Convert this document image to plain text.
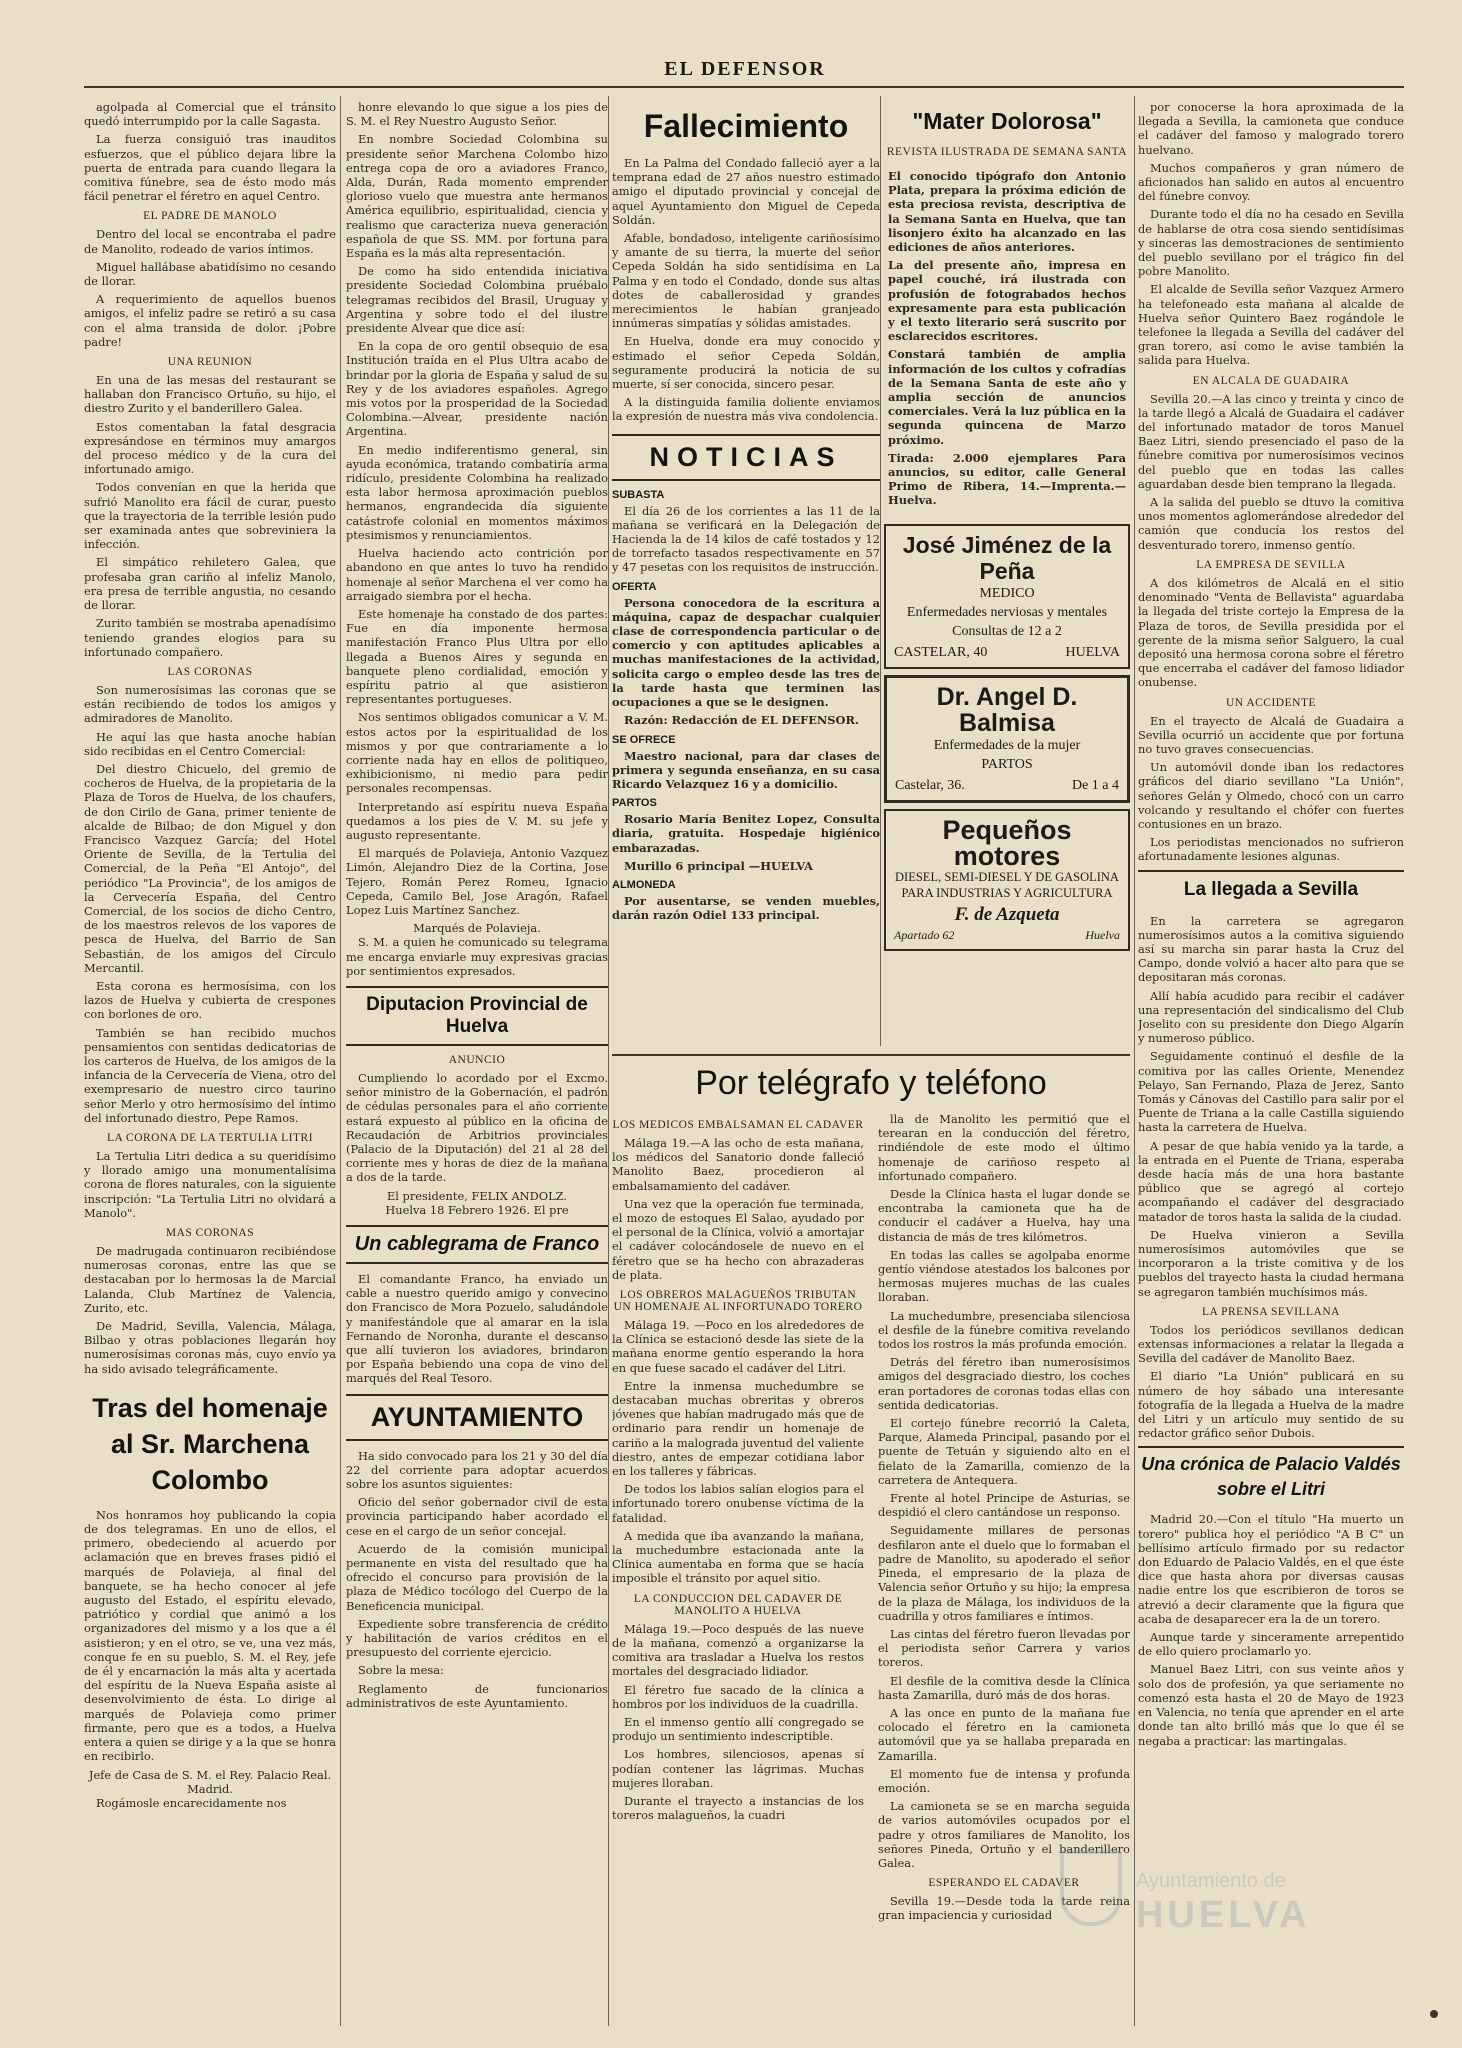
EL DEFENSOR

agolpada al Comercial que el tránsito quedó interrumpido por la calle Sagasta.

La fuerza consiguió tras inauditos esfuerzos, que el público dejara libre la puerta de entrada para cuando llegara la comitiva fúnebre, sea de ésto modo más fácil penetrar el féretro en aquel Centro.

EL PADRE DE MANOLO

Dentro del local se encontraba el padre de Manolito, rodeado de varios íntimos.

Miguel hallábase abatidísimo no cesando de llorar.

A requerimiento de aquellos buenos amigos, el infeliz padre se retiró a su casa con el alma transida de dolor. ¡Pobre padre!

UNA REUNION

En una de las mesas del restaurant se hallaban don Francisco Ortuño, su hijo, el diestro Zurito y el banderillero Galea.

Estos comentaban la fatal desgracia expresándose en términos muy amargos del proceso médico y de la cura del infortunado amigo.

Todos convenían en que la herida que sufrió Manolito era fácil de curar, puesto que la trayectoria de la terrible lesión pudo ser examinada antes que sobreviniera la infección.

El simpático rehiletero Galea, que profesaba gran cariño al infeliz Manolo, era presa de terrible angustia, no cesando de llorar.

Zurito también se mostraba apenadísimo teniendo grandes elogios para su infortunado compañero.

LAS CORONAS

Son numerosísimas las coronas que se están recibiendo de todos los amigos y admiradores de Manolito.

He aquí las que hasta anoche habían sido recibidas en el Centro Comercial:

Del diestro Chicuelo, del gremio de cocheros de Huelva, de la propietaria de la Plaza de Toros de Huelva, de los chaufers, de don Cirilo de Gana, primer teniente de alcalde de Bilbao; de don Miguel y don Francisco Vazquez García; del Hotel Oriente de Sevilla, de la Tertulia del Comercial, de la Peña "El Antojo", del periódico "La Provincia", de los amigos de la Cervecería España, del Centro Comercial, de los socios de dicho Centro, de los maestros relevos de los vapores de pesca de Huelva, del Barrio de San Sebastián, de los amigos del Círculo Mercantil.

Esta corona es hermosísima, con los lazos de Huelva y cubierta de crespones con borlones de oro.

También se han recibido muchos pensamientos con sentidas dedicatorias de los carteros de Huelva, de los amigos de la infancia de la Cervecería de Viena, otro del exempresario de nuestro circo taurino señor Merlo y otro hermosísimo del íntimo del infortunado diestro, Pepe Ramos.

LA CORONA DE LA TERTULIA LITRI

La Tertulia Litri dedica a su queridísimo y llorado amigo una monumentalísima corona de flores naturales, con la siguiente inscripción: "La Tertulia Litri no olvidará a Manolo".

MAS CORONAS

De madrugada continuaron recibiéndose numerosas coronas, entre las que se destacaban por lo hermosas la de Marcial Lalanda, Club Martínez de Valencia, Zurito, etc.

De Madrid, Sevilla, Valencia, Málaga, Bilbao y otras poblaciones llegarán hoy numerosísimas coronas más, cuyo envío ya ha sido avisado telegráficamente.

Tras del homenaje al Sr. Marchena Colombo

Nos honramos hoy publicando la copia de dos telegramas. En uno de ellos, el primero, obedeciendo al acuerdo por aclamación que en breves frases pidió el marqués de Polavieja, al final del banquete, se ha hecho conocer al jefe augusto del Estado, el espíritu elevado, patriótico y cordial que animó a los organizadores del mismo y a los que a él asistieron; y en el otro, se ve, una vez más, conque fe en su pueblo, S. M. el Rey, jefe de él y encarnación la más alta y acertada del espíritu de la Nueva España asiste al desenvolvimiento de ésta. Lo dirige al marqués de Polavieja como primer firmante, pero que es a todos, a Huelva entera a quien se dirige y a la que se honra en recibirlo.

Jefe de Casa de S. M. el Rey. Palacio Real.
Madrid.

Rogámosle encarecidamente nos

honre elevando lo que sigue a los pies de S. M. el Rey Nuestro Augusto Señor.

En nombre Sociedad Colombina su presidente señor Marchena Colombo hizo entrega copa de oro a aviadores Franco, Alda, Durán, Rada momento emprender glorioso vuelo que muestra ante hermanos América equilibrio, espiritualidad, ciencia y realismo que caracteriza nueva generación española de que SS. MM. por fortuna para España es la más alta representación.

De como ha sido entendida iniciativa presidente Sociedad Colombina pruébalo telegramas recibidos del Brasil, Uruguay y Argentina y sobre todo el del ilustre presidente Alvear que dice así:

En la copa de oro gentil obsequio de esa Institución traída en el Plus Ultra acabo de brindar por la gloria de España y salud de su Rey y de los aviadores españoles. Agrego mis votos por la prosperidad de la Sociedad Colombina.—Alvear, presidente nación Argentina.

En medio indiferentismo general, sin ayuda económica, tratando combatiría arma ridículo, presidente Colombina ha realizado esta labor hermosa aproximación pueblos hermanos, engrandecida día siguiente catástrofe colonial en momentos máximos ptesimismos y renunciamientos.

Huelva haciendo acto contrición por abandono en que antes lo tuvo ha rendido homenaje al señor Marchena el ver como ha arraigado siembra por el hecha.

Este homenaje ha constado de dos partes: Fue en día imponente hermosa manifestación Franco Plus Ultra por ello llegada a Buenos Aires y segunda en banquete pleno cordialidad, emoción y espíritu patrio al que asistieron representantes portugueses.

Nos sentimos obligados comunicar a V. M. estos actos por la espiritualidad de los mismos y por que contrariamente a lo corriente nada hay en ellos de politiqueo, exhibicionismo, ni medio para pedir personales recompensas.

Interpretando así espíritu nueva España quedamos a los pies de V. M. su jefe y augusto representante.

El marqués de Polavieja, Antonio Vazquez Limón, Alejandro Diez de la Cortina, Jose Tejero, Román Perez Romeu, Ignacio Cepeda, Camilo Bel, Jose Aragón, Rafael Lopez Luis Martínez Sanchez.

Marqués de Polavieja.

S. M. a quien he comunicado su telegrama me encarga enviarle muy expresivas gracias por sentimientos expresados.

Diputacion Provincial de Huelva
ANUNCIO

Cumpliendo lo acordado por el Excmo. señor ministro de la Gobernación, el padrón de cédulas personales para el año corriente estará expuesto al público en la oficina de Recaudación de Arbitrios provinciales (Palacio de la Diputación) del 21 al 28 del corriente mes y horas de diez de la mañana a dos de la tarde.

El presidente, FELIX ANDOLZ.
Huelva 18 Febrero 1926. El pre
Un cablegrama de Franco

El comandante Franco, ha enviado un cable a nuestro querido amigo y convecino don Francisco de Mora Pozuelo, saludándole y manifestándole que al amarar en la isla Fernando de Noronha, durante el descanso que allí tuvieron los aviadores, brindaron por España bebiendo una copa de vino del marqués del Real Tesoro.

AYUNTAMIENTO

Ha sido convocado para los 21 y 30 del día 22 del corriente para adoptar acuerdos sobre los asuntos siguientes:

Oficio del señor gobernador civil de esta provincia participando haber acordado el cese en el cargo de un señor concejal.

Acuerdo de la comisión municipal permanente en vista del resultado que ha ofrecido el concurso para provisión de la plaza de Médico tocólogo del Cuerpo de la Beneficencia municipal.

Expediente sobre transferencia de crédito y habilitación de varios créditos en el presupuesto del corriente ejercicio.

Sobre la mesa:

Reglamento de funcionarios administrativos de este Ayuntamiento.

Fallecimiento

En La Palma del Condado falleció ayer a la temprana edad de 27 años nuestro estimado amigo el diputado provincial y concejal de aquel Ayuntamiento don Miguel de Cepeda Soldán.

Afable, bondadoso, inteligente cariñosísimo y amante de su tierra, la muerte del señor Cepeda Soldán ha sido sentidísima en La Palma y en todo el Condado, donde sus altas dotes de caballerosidad y grandes merecimientos le habían granjeado innúmeras simpatías y sólidas amistades.

En Huelva, donde era muy conocido y estimado el señor Cepeda Soldán, seguramente producirá la noticia de su muerte, sí ser conocida, sincero pesar.

A la distinguida familia doliente enviamos la expresión de nuestra más viva condolencia.

NOTICIAS
SUBASTA

El día 26 de los corrientes a las 11 de la mañana se verificará en la Delegación de Hacienda la de 14 kilos de café tostados y 12 de torrefacto tasados respectivamente en 57 y 47 pesetas con los requisitos de instrucción.

OFERTA

Persona conocedora de la escritura a máquina, capaz de despachar cualquier clase de correspondencia particular o de comercio y con aptitudes aplicables a muchas manifestaciones de la actividad, solicita cargo o empleo desde las tres de la tarde hasta que terminen las ocupaciones a que se le designen.

Razón: Redacción de EL DEFENSOR.

SE OFRECE

Maestro nacional, para dar clases de primera y segunda enseñanza, en su casa Ricardo Velazquez 16 y a domicilio.

PARTOS

Rosario María Benitez Lopez, Consulta diaria, gratuita. Hospedaje higiénico embarazadas.

Murillo 6 principal —HUELVA

ALMONEDA

Por ausentarse, se venden muebles, darán razón Odiel 133 principal.

"Mater Dolorosa"
REVISTA ILUSTRADA DE SEMANA SANTA

El conocido tipógrafo don Antonio Plata, prepara la próxima edición de esta preciosa revista, descriptiva de la Semana Santa en Huelva, que tan lisonjero éxito ha alcanzado en las ediciones de años anteriores.

La del presente año, impresa en papel couché, irá ilustrada con profusión de fotograbados hechos expresamente para esta publicación y el texto literario será suscrito por esclarecidos escritores.

Constará también de amplia información de los cultos y cofradías de la Semana Santa de este año y amplia sección de anuncios comerciales. Verá la luz pública en la segunda quincena de Marzo próximo.

Tirada: 2.000 ejemplares Para anuncios, su editor, calle General Primo de Ribera, 14.—Imprenta.—Huelva.

José Jiménez de la Peña
MEDICO
Enfermedades nerviosas y mentales
Consultas de 12 a 2
CASTELAR, 40	HUELVA
Dr. Angel D. Balmisa
Enfermedades de la mujer
PARTOS
Castelar, 36.	De 1 a 4
Pequeños motores
DIESEL, SEMI-DIESEL Y DE GASOLINA PARA INDUSTRIAS Y AGRICULTURA
F. de Azqueta
Apartado 62	Huelva
Por telégrafo y teléfono
LOS MEDICOS EMBALSAMAN EL CADAVER

Málaga 19.—A las ocho de esta mañana, los médicos del Sanatorio donde falleció Manolito Baez, procedieron al embalsamamiento del cadáver.

Una vez que la operación fue terminada, el mozo de estoques El Salao, ayudado por el personal de la Clínica, volvió a amortajar el cadáver colocándosele de nuevo en el féretro que se ha hecho con abrazaderas de plata.

LOS OBREROS MALAGUEÑOS TRIBUTAN UN HOMENAJE AL INFORTUNADO TORERO

Málaga 19. —Poco en los alrededores de la Clínica se estacionó desde las siete de la mañana enorme gentío esperando la hora en que fuese sacado el cadáver del Litri.

Entre la inmensa muchedumbre se destacaban muchas obreritas y obreros jóvenes que habían madrugado más que de ordinario para rendir un homenaje de cariño a la malograda juventud del valiente diestro, antes de empezar cotidiana labor en los talleres y fábricas.

De todos los labios salían elogios para el infortunado torero onubense víctima de la fatalidad.

A medida que iba avanzando la mañana, la muchedumbre estacionada ante la Clínica aumentaba en forma que se hacía imposible el tránsito por aquel sitio.

LA CONDUCCION DEL CADAVER DE MANOLITO A HUELVA

Málaga 19.—Poco después de las nueve de la mañana, comenzó a organizarse la comitiva ara trasladar a Huelva los restos mortales del desgraciado lidiador.

El féretro fue sacado de la clínica a hombros por los individuos de la cuadrilla.

En el inmenso gentío allí congregado se produjo un sentimiento indescriptible.

Los hombres, silenciosos, apenas sí podían contener las lágrimas. Muchas mujeres lloraban.

Durante el trayecto a instancias de los toreros malagueños, la cuadri

lla de Manolito les permitió que el terearan en la conducción del féretro, rindiéndole de este modo el último homenaje de cariñoso respeto al infortunado compañero.

Desde la Clínica hasta el lugar donde se encontraba la camioneta que ha de conducir el cadáver a Huelva, hay una distancia de más de tres kilómetros.

En todas las calles se agolpaba enorme gentío viéndose atestados los balcones por hermosas mujeres muchas de las cuales lloraban.

La muchedumbre, presenciaba silenciosa el desfile de la fúnebre comitiva revelando todos los rostros la más profunda emoción.

Detrás del féretro iban numerosísimos amigos del desgraciado diestro, los coches eran portadores de coronas todas ellas con sentida dedicatorias.

El cortejo fúnebre recorrió la Caleta, Parque, Alameda Principal, pasando por el puente de Tetuán y siguiendo alto en el fielato de la Zamarilla, comienzo de la carretera de Antequera.

Frente al hotel Principe de Asturias, se despidió el clero cantándose un responso.

Seguidamente millares de personas desfilaron ante el duelo que lo formaban el padre de Manolito, su apoderado el señor Pineda, el empresario de la plaza de Valencia señor Ortuño y su hijo; la empresa de la plaza de Málaga, los individuos de la cuadrilla y otros familiares e íntimos.

Las cintas del féretro fueron llevadas por el periodista señor Carrera y varios toreros.

El desfile de la comitiva desde la Clínica hasta Zamarilla, duró más de dos horas.

A las once en punto de la mañana fue colocado el féretro en la camioneta automóvil que ya se hallaba preparada en Zamarilla.

El momento fue de intensa y profunda emoción.

La camioneta se se en marcha seguida de varios automóviles ocupados por el padre y otros familiares de Manolito, los señores Pineda, Ortuño y el banderillero Galea.

ESPERANDO EL CADAVER

Sevilla 19.—Desde toda la tarde reina gran impaciencia y curiosidad

por conocerse la hora aproximada de la llegada a Sevilla, la camioneta que conduce el cadáver del famoso y malogrado torero huelvano.

Muchos compañeros y gran número de aficionados han salido en autos al encuentro del fúnebre convoy.

Durante todo el día no ha cesado en Sevilla de hablarse de otra cosa siendo sentidísimas y sinceras las demostraciones de sentimiento del pueblo sevillano por el trágico fin del pobre Manolito.

El alcalde de Sevilla señor Vazquez Armero ha telefoneado esta mañana al alcalde de Huelva señor Quintero Baez rogándole le telefonee la llegada a Sevilla del cadáver del gran torero, así como le avise también la salida para Huelva.

EN ALCALA DE GUADAIRA

Sevilla 20.—A las cinco y treinta y cinco de la tarde llegó a Alcalá de Guadaira el cadáver del infortunado matador de toros Manuel Baez Litri, siendo presenciado el paso de la fúnebre comitiva por numerosísimos vecinos del pueblo que en todas las calles aguardaban desde bien temprano la llegada.

A la salida del pueblo se dtuvo la comitiva unos momentos aglomerándose alrededor del camión que conducía los restos del desventurado torero, inmenso gentío.

LA EMPRESA DE SEVILLA

A dos kilómetros de Alcalá en el sitio denominado "Venta de Bellavista" aguardaba la llegada del triste cortejo la Empresa de la Plaza de toros, de Sevilla presidida por el gerente de la misma señor Salguero, la cual depositó una hermosa corona sobre el féretro que encerraba el cadáver del famoso lidiador onubense.

UN ACCIDENTE

En el trayecto de Alcalá de Guadaira a Sevilla ocurrió un accidente que por fortuna no tuvo graves consecuencias.

Un automóvil donde iban los redactores gráficos del diario sevillano "La Unión", señores Gelán y Olmedo, chocó con un carro volcando y resultando el chófer con fuertes contusiones en un brazo.

Los periodistas mencionados no sufrieron afortunadamente lesiones algunas.

La llegada a Sevilla

En la carretera se agregaron numerosísimos autos a la comitiva siguiendo así su marcha sin parar hasta la Cruz del Campo, donde volvió a hacer alto para que se depositaran más coronas.

Allí había acudido para recibir el cadáver una representación del sindicalismo del Club Joselito con su presidente don Diego Algarín y numeroso público.

Seguidamente continuó el desfile de la comitiva por las calles Oriente, Menendez Pelayo, San Fernando, Plaza de Jerez, Santo Tomás y Cánovas del Castillo para salir por el Puente de Triana a la calle Castilla siguiendo hasta la carretera de Huelva.

A pesar de que había venido ya la tarde, a la entrada en el Puente de Triana, esperaba desde hacía más de una hora bastante público que se agregó al cortejo acompañando el cadáver del desgraciado matador de toros hasta la salida de la ciudad.

De Huelva vinieron a Sevilla numerosísimos automóviles que se incorporaron a la triste comitiva y de los pueblos del trayecto hasta la ciudad hermana se agregaron también muchísimos más.

LA PRENSA SEVILLANA

Todos los periódicos sevillanos dedican extensas informaciones a relatar la llegada a Sevilla del cadáver de Manolito Baez.

El diario "La Unión" publicará en su número de hoy sábado una interesante fotografía de la llegada a Huelva de la madre del Litri y un artículo muy sentido de su redactor gráfico señor Dubois.

Una crónica de Palacio Valdés sobre el Litri

Madrid 20.—Con el título "Ha muerto un torero" publica hoy el periódico "A B C" un bellísimo artículo firmado por su redactor don Eduardo de Palacio Valdés, en el que éste dice que hasta ahora por diversas causas nadie entre los que escribieron de toros se atrevió a decir claramente que la figura que acaba de desaparecer era la de un torero.

Aunque tarde y sinceramente arrepentido de ello quiero proclamarlo yo.

Manuel Baez Litri, con sus veinte años y solo dos de profesión, ya que seriamente no comenzó esta hasta el 20 de Mayo de 1923 en Valencia, no tenía que aprender en el arte donde tan alto brilló más que lo que él se negaba a practicar: las martingalas.

Ayuntamiento de
HUELVA
